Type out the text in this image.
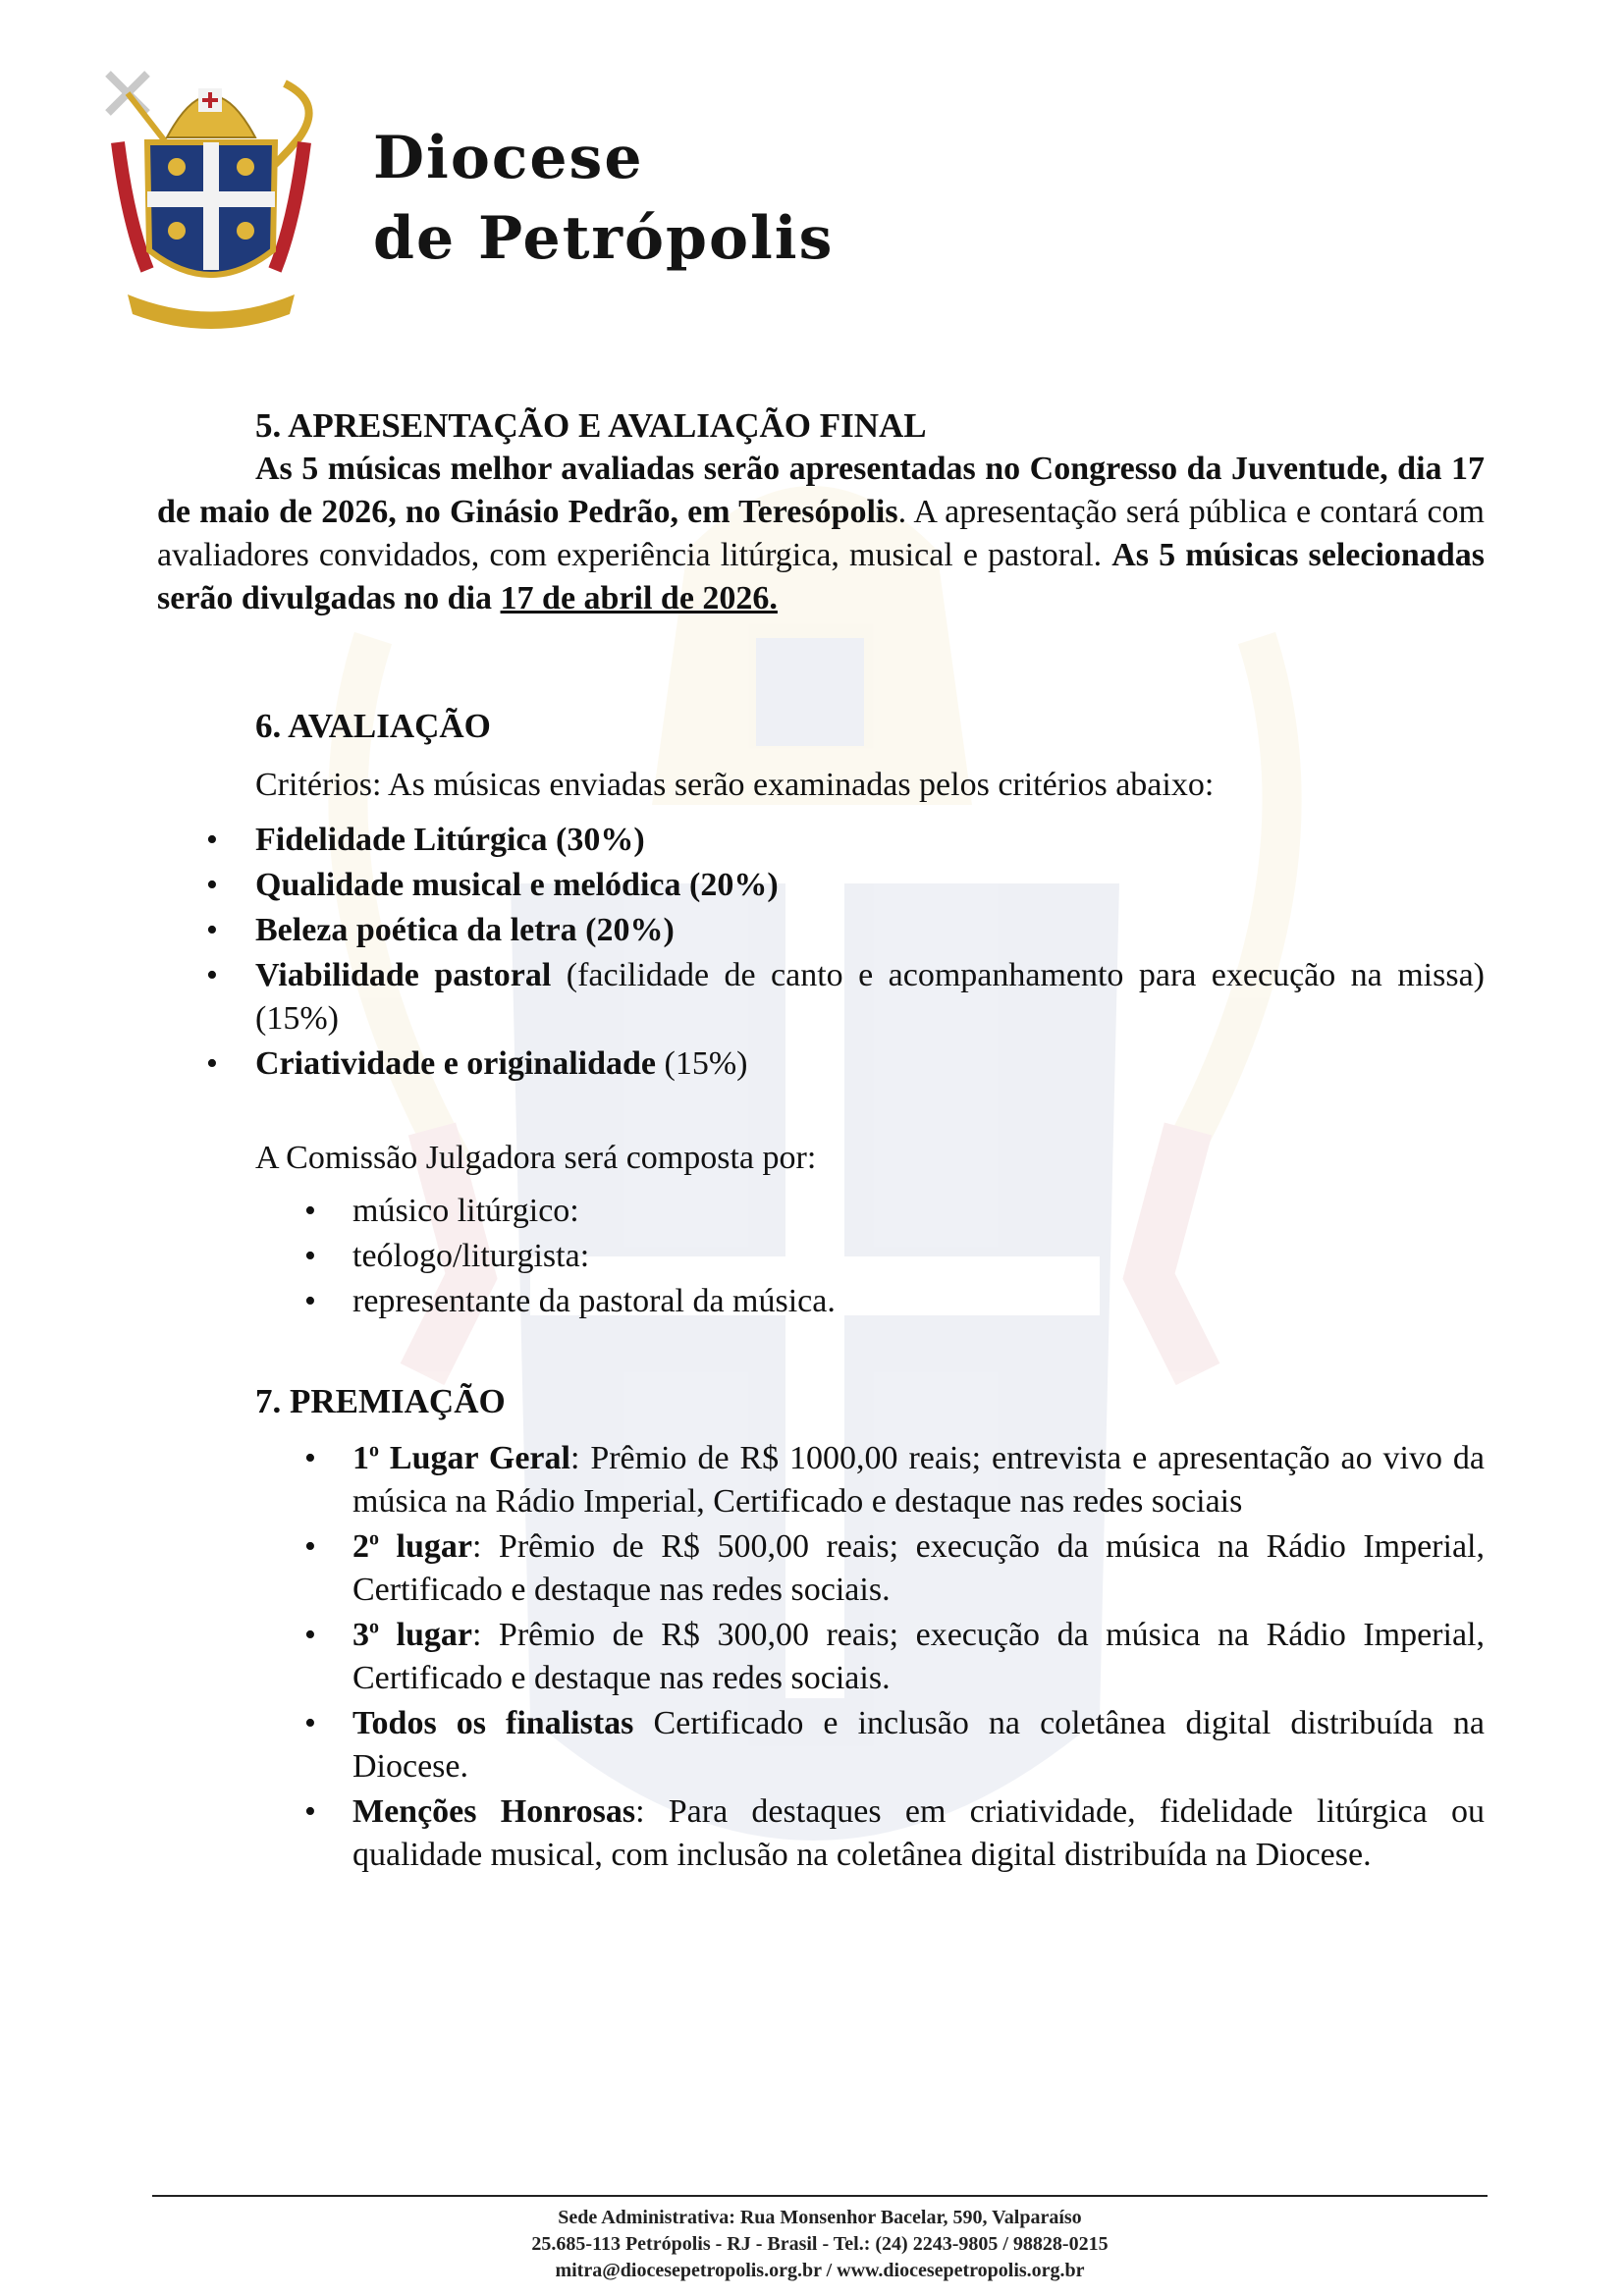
Diocese
de Petrópolis
5. APRESENTAÇÃO E AVALIAÇÃO FINAL

As 5 músicas melhor avaliadas serão apresentadas no Congresso da Juventude, dia 17 de maio de 2026, no Ginásio Pedrão, em Teresópolis. A apresentação será pública e contará com avaliadores convidados, com experiência litúrgica, musical e pastoral. As 5 músicas selecionadas serão divulgadas no dia 17 de abril de 2026.

6. AVALIAÇÃO

Critérios: As músicas enviadas serão examinadas pelos critérios abaixo:

• Fidelidade Litúrgica (30%)
• Qualidade musical e melódica (20%)
• Beleza poética da letra (20%)
• Viabilidade pastoral (facilidade de canto e acompanhamento para execução na missa) (15%)
• Criatividade e originalidade (15%)

A Comissão Julgadora será composta por:

• músico litúrgico:
• teólogo/liturgista:
• representante da pastoral da música.
7. PREMIAÇÃO
• 1$^o$ Lugar Geral: Prêmio de R$ 1000,00 reais; entrevista e apresentação ao vivo da música na Rádio Imperial, Certificado e destaque nas redes sociais
• 2$^o$ lugar: Prêmio de R$ 500,00 reais; execução da música na Rádio Imperial, Certificado e destaque nas redes sociais.
• 3$^o$ lugar: Prêmio de R$ 300,00 reais; execução da música na Rádio Imperial, Certificado e destaque nas redes sociais.
• Todos os finalistas Certificado e inclusão na coletânea digital distribuída na Diocese.
• Menções Honrosas: Para destaques em criatividade, fidelidade litúrgica ou qualidade musical, com inclusão na coletânea digital distribuída na Diocese.
Sede Administrativa: Rua Monsenhor Bacelar, 590, Valparaíso
25.685-113 Petrópolis - RJ - Brasil - Tel.: (24) 2243-9805 / 98828-0215
mitra@diocesepetropolis.org.br / www.diocesepetropolis.org.br
